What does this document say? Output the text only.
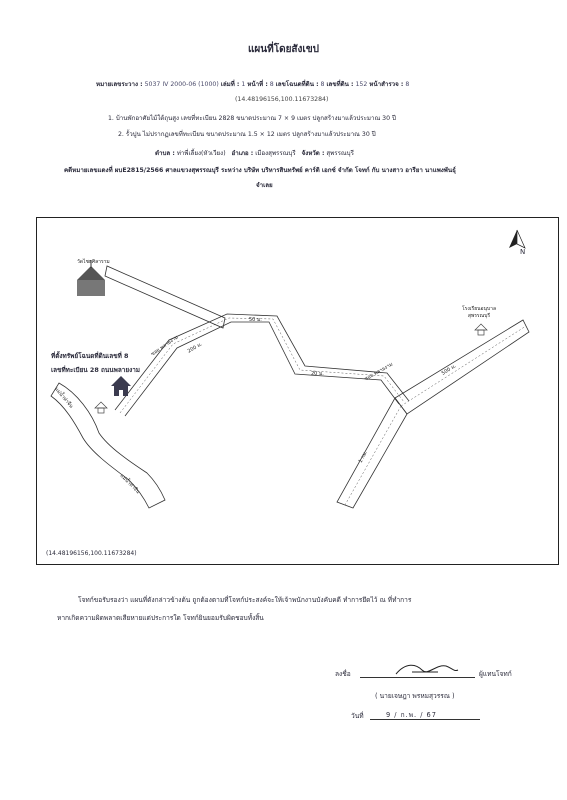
แผนที่โดยสังเขป
หมายเลขระวาง : 5037 IV 2000-06 (1000) เล่มที่ : 1 หน้าที่ : 8 เลขโฉนดที่ดิน : 8 เลขที่ดิน : 152 หน้าสำรวจ : 8
(14.48196156,100.11673284)
1. บ้านพักอาศัยไม้ใต้ถุนสูง เลขที่ทะเบียน 2828 ขนาดประมาณ 7 × 9 เมตร ปลูกสร้างมาแล้วประมาณ 30 ปี
2. รั้วปูน ไม่ปรากฏเลขที่ทะเบียน ขนาดประมาณ 1.5 × 12 เมตร ปลูกสร้างมาแล้วประมาณ 30 ปี
ตำบล : ท่าพี่เลี้ยง(หัวเวียง) อำเภอ : เมืองสุพรรณบุรี จังหวัด : สุพรรณบุรี
คดีหมายเลขแดงที่ ผบE2815/2566 ศาลแขวงสุพรรณบุรี ระหว่าง บริษัท บริหารสินทรัพย์ คาร์ดิ เอกซ์ จำกัด โจทก์ กับ นางสาว อารียา นาแพงพันธุ์
จำเลย
วัดไชยศิลาราม
โรงเรียนอนุบาลสุพรรณบุรี
ที่ตั้งทรัพย์โฉนดที่ดินเลขที่ 8
เลขที่ทะเบียน 28 ถนนพลายงาม
ซอย พลายงาม
ซอย พลายงาม
200 ม.
50 ม.
20 ม.	500 ม.
1 กม.
แม่น้ำท่าจีน
แม่น้ำท่าจีน
N
(14.48196156,100.11673284)
โจทก์ขอรับรองว่า แผนที่ดังกล่าวข้างต้น ถูกต้องตามที่โจทก์ประสงค์จะให้เจ้าพนักงานบังคับคดี ทำการยึดไว้ ณ ที่ทำการ
หากเกิดความผิดพลาดเสียหายแต่ประการใด โจทก์ยินยอมรับผิดชอบทั้งสิ้น
ลงชื่อ	ผู้แทนโจทก์
( นายเจษฎา พรหมสุวรรณ )
วันที่	9 / ก.พ. / 67
